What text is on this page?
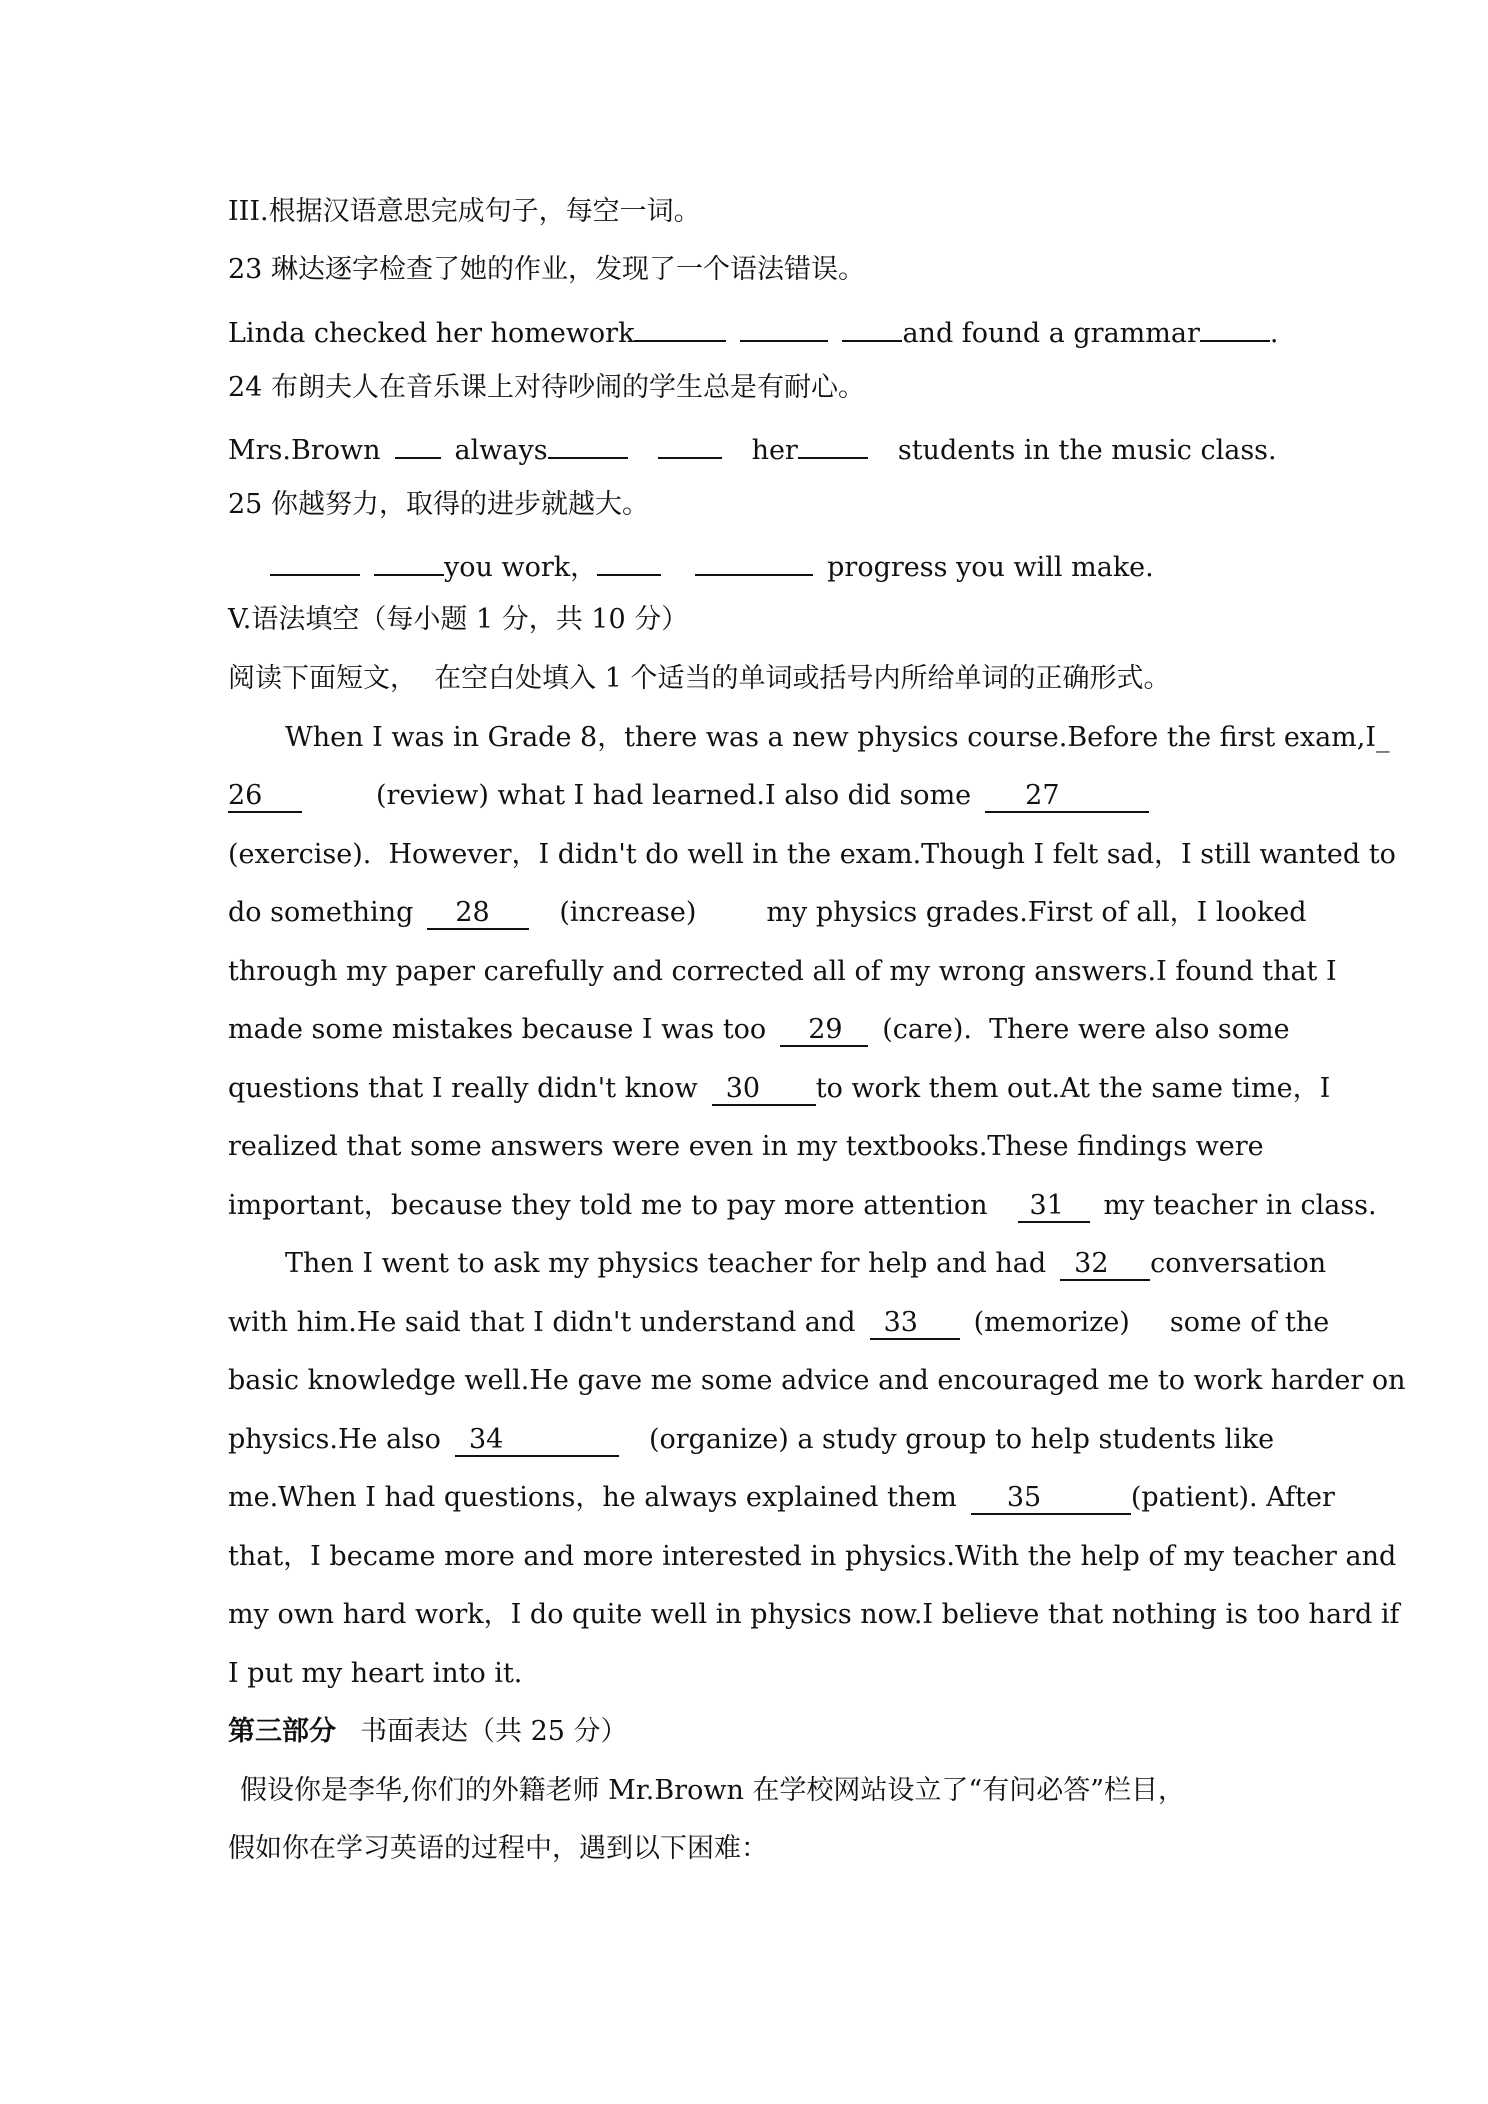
III.根据汉语意思完成句子，每空一词。

23 琳达逐字检查了她的作业，发现了一个语法错误。

Linda checked her homework	and found a grammar	.

24 布朗夫人在音乐课上对待吵闹的学生总是有耐心。

Mrs.Brown	always	her	students in the music class.

25 你越努力，取得的进步就越大。

you work，	progress you will make.

V.语法填空（每小题 1 分，共 10 分）

阅读下面短文，  在空白处填入 1 个适当的单词或括号内所给单词的正确形式。

When I was in Grade 8，there was a new physics course.Before the first exam,I_

26	(review) what I had learned.I also did some 27

(exercise).  However，I didn't do well in the exam.Though I felt sad，I still wanted to

do something 28	(increase)	my physics grades.First of all，I looked

through my paper carefully and corrected all of my wrong answers.I found that I

made some mistakes because I was too 29 (care).  There were also some

questions that I really didn't know 30 to work them out.At the same time，I

realized that some answers were even in my textbooks.These findings were

important，because they told me to pay more attention 31 my teacher in class.

Then I went to ask my physics teacher for help and had 32 conversation

with him.He said that I didn't understand and 33 (memorize) some of the

basic knowledge well.He gave me some advice and encouraged me to work harder on

physics.He also 34	(organize) a study group to help students like

me.When I had questions，he always explained them 35	(patient). After

that，I became more and more interested in physics.With the help of my teacher and

my own hard work，I do quite well in physics now.I believe that nothing is too hard if

I put my heart into it.

第三部分 书面表达（共 25 分）

假设你是李华,你们的外籍老师 Mr.Brown 在学校网站设立了“有问必答”栏目，

假如你在学习英语的过程中，遇到以下困难：
